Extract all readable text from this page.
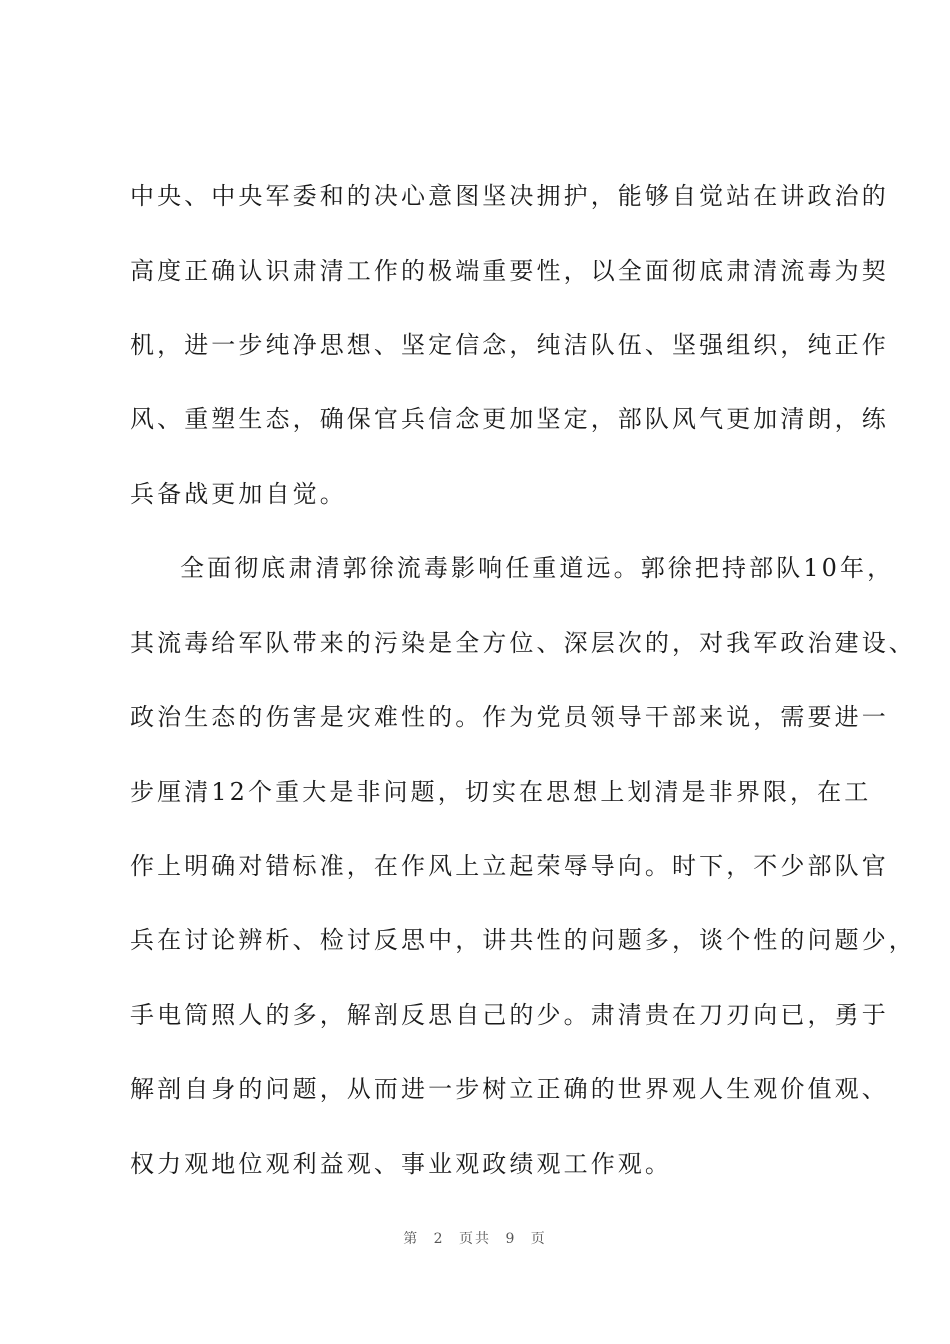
中央、中央军委和的决心意图坚决拥护，能够自觉站在讲政治的
高度正确认识肃清工作的极端重要性，以全面彻底肃清流毒为契
机，进一步纯净思想、坚定信念，纯洁队伍、坚强组织，纯正作
风、重塑生态，确保官兵信念更加坚定，部队风气更加清朗，练
兵备战更加自觉。
全面彻底肃清郭徐流毒影响任重道远。郭徐把持部队10年，
其流毒给军队带来的污染是全方位、深层次的，对我军政治建设、
政治生态的伤害是灾难性的。作为党员领导干部来说，需要进一
步厘清12个重大是非问题，切实在思想上划清是非界限，在工
作上明确对错标准，在作风上立起荣辱导向。时下，不少部队官
兵在讨论辨析、检讨反思中，讲共性的问题多，谈个性的问题少，
手电筒照人的多，解剖反思自己的少。肃清贵在刀刃向已，勇于
解剖自身的问题，从而进一步树立正确的世界观人生观价值观、
权力观地位观利益观、事业观政绩观工作观。
第 2 页共 9 页
